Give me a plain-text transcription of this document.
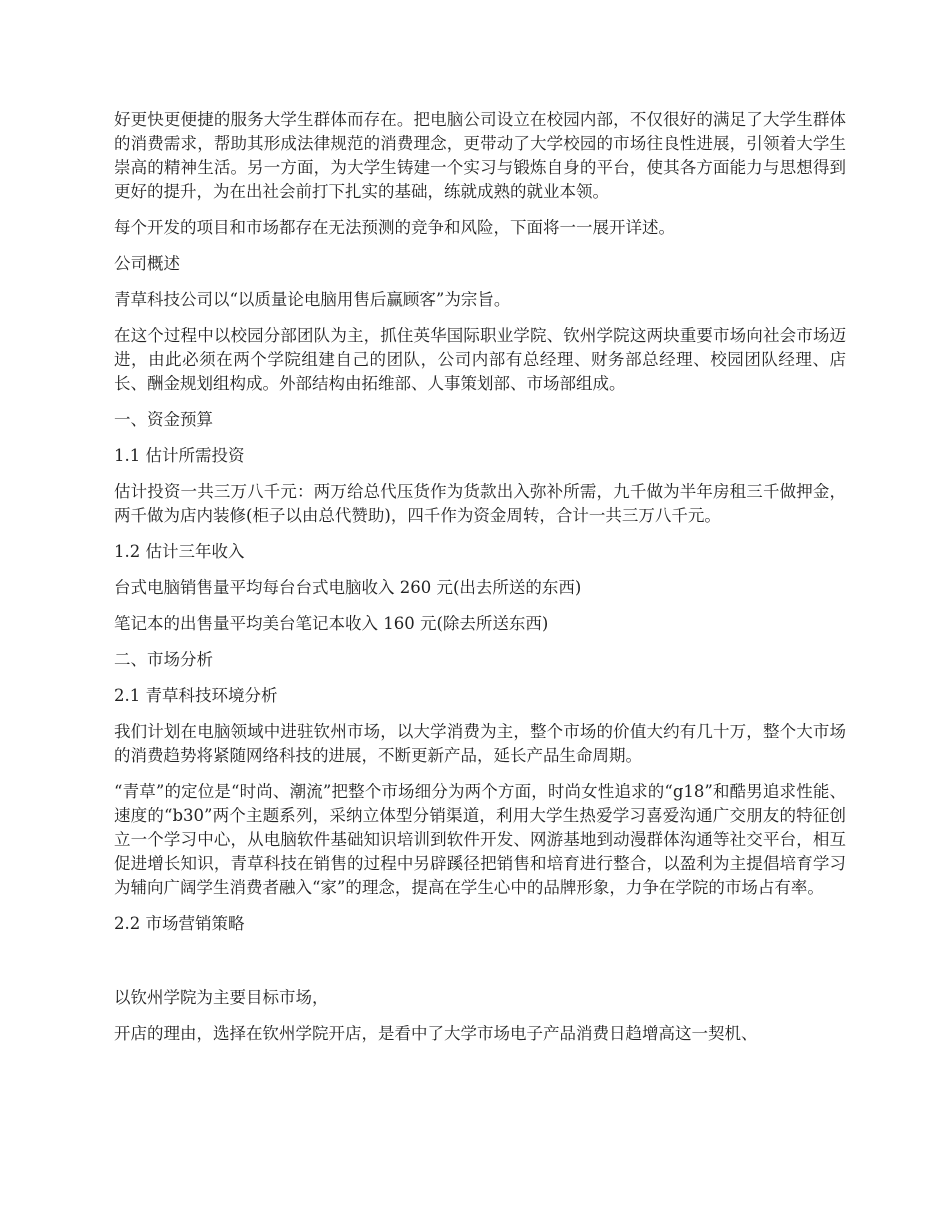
好更快更便捷的服务大学生群体而存在。把电脑公司设立在校园内部，不仅很好的满足了大学生群体的消费需求，帮助其形成法律规范的消费理念，更带动了大学校园的市场往良性进展，引领着大学生崇高的精神生活。另一方面，为大学生铸建一个实习与锻炼自身的平台，使其各方面能力与思想得到更好的提升，为在出社会前打下扎实的基础，练就成熟的就业本领。

每个开发的项目和市场都存在无法预测的竞争和风险，下面将一一展开详述。

公司概述

青草科技公司以“以质量论电脑用售后赢顾客”为宗旨。

在这个过程中以校园分部团队为主，抓住英华国际职业学院、钦州学院这两块重要市场向社会市场迈进，由此必须在两个学院组建自己的团队，公司内部有总经理、财务部总经理、校园团队经理、店长、酬金规划组构成。外部结构由拓维部、人事策划部、市场部组成。

一、资金预算

1.1 估计所需投资

估计投资一共三万八千元：两万给总代压货作为货款出入弥补所需，九千做为半年房租三千做押金，两千做为店内装修(柜子以由总代赞助)，四千作为资金周转，合计一共三万八千元。

1.2 估计三年收入

台式电脑销售量平均每台台式电脑收入 260 元(出去所送的东西)

笔记本的出售量平均美台笔记本收入 160 元(除去所送东西)

二、市场分析

2.1 青草科技环境分析

我们计划在电脑领域中进驻钦州市场，以大学消费为主，整个市场的价值大约有几十万，整个大市场的消费趋势将紧随网络科技的进展，不断更新产品，延长产品生命周期。

“青草”的定位是“时尚、潮流”把整个市场细分为两个方面，时尚女性追求的“g18”和酷男追求性能、速度的“b30”两个主题系列，采纳立体型分销渠道，利用大学生热爱学习喜爱沟通广交朋友的特征创立一个学习中心，从电脑软件基础知识培训到软件开发、网游基地到动漫群体沟通等社交平台，相互促进增长知识，青草科技在销售的过程中另辟蹊径把销售和培育进行整合，以盈利为主提倡培育学习为辅向广阔学生消费者融入“家”的理念，提高在学生心中的品牌形象，力争在学院的市场占有率。

2.2 市场营销策略

以钦州学院为主要目标市场，

开店的理由，选择在钦州学院开店，是看中了大学市场电子产品消费日趋增高这一契机、
